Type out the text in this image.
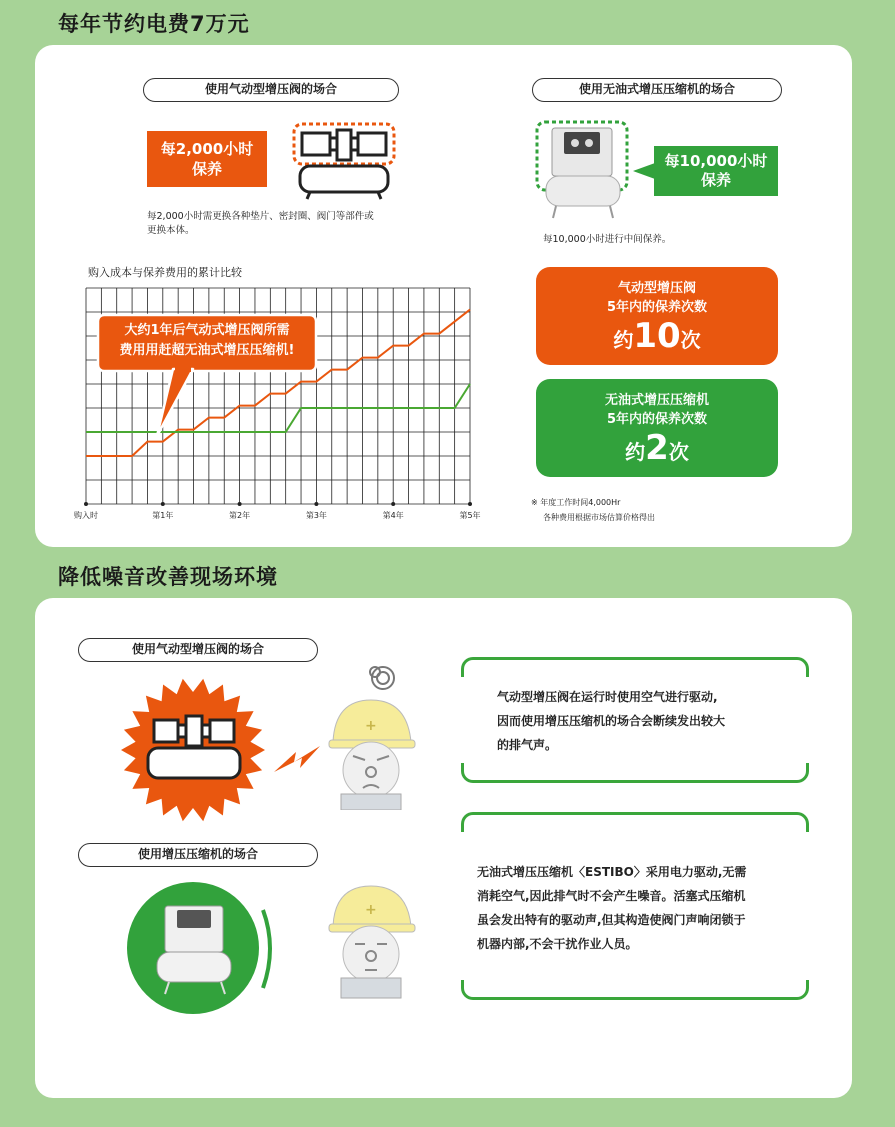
每年节约电费7万元
使用气动型增压阀的场合
每2,000小时
保养
每2,000小时需更换各种垫片、密封圈、阀门等部件或
更换本体。
使用无油式增压压缩机的场合
每10,000小时
保养
每10,000小时进行中间保养。
购入成本与保养费用的累计比较
购入时	第1年	第2年	第3年	第4年	第5年
大约1年后气动式增压阀所需
费用用赶超无油式增压压缩机!
气动型增压阀
5年内的保养次数
约10次
无油式增压压缩机
5年内的保养次数
约2次
※ 年度工作时间4,000Hr
各种费用根据市场估算价格得出
降低噪音改善现场环境
使用气动型增压阀的场合
+
气动型增压阀在运行时使用空气进行驱动,
因而使用增压压缩机的场合会断续发出较大
的排气声。
使用增压压缩机的场合
+
无油式增压压缩机〈ESTIBO〉采用电力驱动,无需
消耗空气,因此排气时不会产生噪音。活塞式压缩机
虽会发出特有的驱动声,但其构造使阀门声响闭锁于
机器内部,不会干扰作业人员。
